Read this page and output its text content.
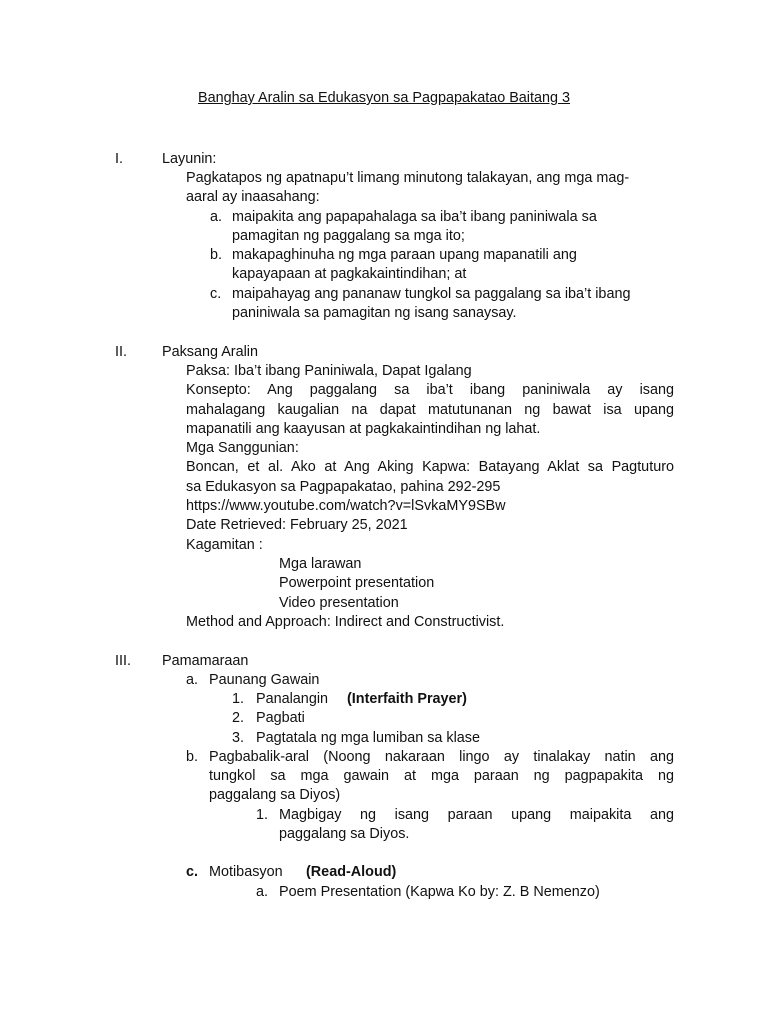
Banghay Aralin sa Edukasyon sa Pagpapakatao Baitang 3
I.	Layunin:
Pagkatapos ng apatnapu’t limang minutong talakayan, ang mga mag-
aaral ay inaasahang:
a. maipakita ang papapahalaga sa iba’t ibang paniniwala sa
pamagitan ng paggalang sa mga ito;
b. makapaghinuha ng mga paraan upang mapanatili ang
kapayapaan at pagkakaintindihan; at
c. maipahayag ang pananaw tungkol sa paggalang sa iba’t ibang
paniniwala sa pamagitan ng isang sanaysay.
II. Paksang Aralin
Paksa: Iba’t ibang Paniniwala, Dapat Igalang
Konsepto: Ang paggalang sa iba’t ibang paniniwala ay isang
mahalagang kaugalian na dapat matutunanan ng bawat isa upang
mapanatili ang kaayusan at pagkakaintindihan ng lahat.
Mga Sanggunian:
Boncan, et al. Ako at Ang Aking Kapwa: Batayang Aklat sa Pagtuturo
sa Edukasyon sa Pagpapakatao, pahina 292-295
https://www.youtube.com/watch?v=lSvkaMY9SBw
Date Retrieved: February 25, 2021
Kagamitan :
Mga larawan
Powerpoint presentation
Video presentation
Method and Approach: Indirect and Constructivist.
III. Pamamaraan
a. Paunang Gawain
1. Panalangin (Interfaith Prayer)
2. Pagbati
3. Pagtatala ng mga lumiban sa klase
b. Pagbabalik-aral (Noong nakaraan lingo ay tinalakay natin ang
tungkol sa mga gawain at mga paraan ng pagpapakita ng
paggalang sa Diyos)
1. Magbigay ng isang paraan upang maipakita ang
paggalang sa Diyos.
c. Motibasyon (Read-Aloud)
a. Poem Presentation (Kapwa Ko by: Z. B Nemenzo)
